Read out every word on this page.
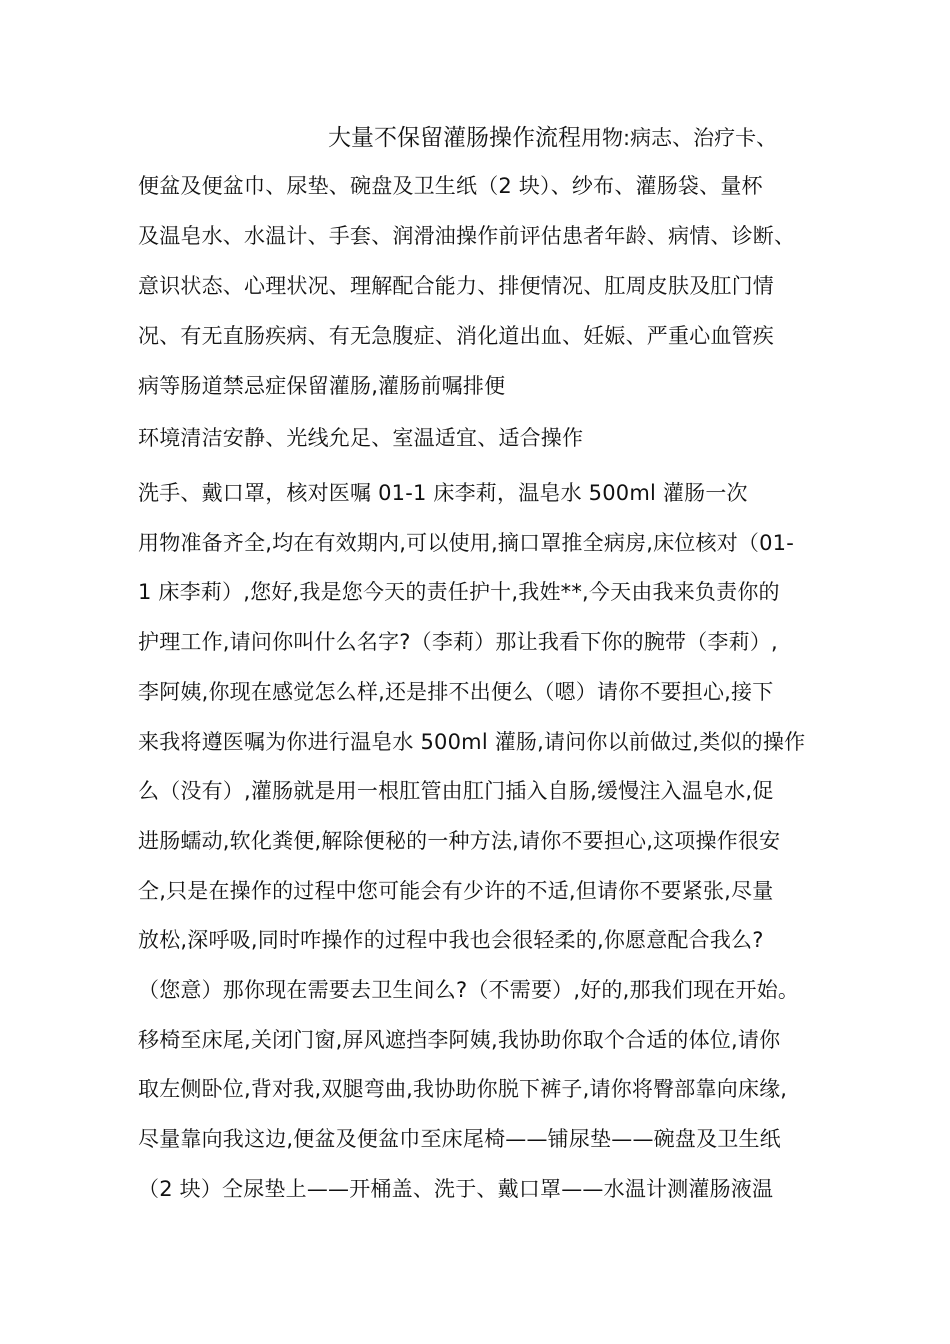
大量不保留灌肠操作流程用物:病志、治疗卡、
便盆及便盆巾、尿垫、碗盘及卫生纸（2 块）、纱布、灌肠袋、量杯
及温皂水、水温计、手套、润滑油操作前评估患者年龄、病情、诊断、
意识状态、心理状况、理解配合能力、排便情况、肛周皮肤及肛门情
况、有无直肠疾病、有无急腹症、消化道出血、妊娠、严重心血管疾
病等肠道禁忌症保留灌肠,灌肠前嘱排便
环境清洁安静、光线允足、室温适宜、适合操作
洗手、戴口罩，核对医嘱 01-1 床李莉，温皂水 500ml 灌肠一次
用物准备齐全,均在有效期内,可以使用,摘口罩推全病房,床位核对（01-
1 床李莉）,您好,我是您今天的责任护十,我姓**,今天由我来负责你的
护理工作,请问你叫什么名字?（李莉）那让我看下你的腕带（李莉）,
李阿姨,你现在感觉怎么样,还是排不出便么（嗯）请你不要担心,接下
来我将遵医嘱为你进行温皂水 500ml 灌肠,请问你以前做过,类似的操作
么（没有）,灌肠就是用一根肛管由肛门插入自肠,缓慢注入温皂水,促
进肠蠕动,软化粪便,解除便秘的一种方法,请你不要担心,这项操作很安
仝,只是在操作的过程中您可能会有少许的不适,但请你不要紧张,尽量
放松,深呼吸,同时咋操作的过程中我也会很轻柔的,你愿意配合我么?
（您意）那你现在需要去卫生间么?（不需要）,好的,那我们现在开始。
移椅至床尾,关闭门窗,屏风遮挡李阿姨,我协助你取个合适的体位,请你
取左侧卧位,背对我,双腿弯曲,我协助你脱下裤子,请你将臀部靠向床缘,
尽量靠向我这边,便盆及便盆巾至床尾椅——铺尿垫——碗盘及卫生纸
（2 块）仝尿垫上——开桶盖、洗于、戴口罩——水温计测灌肠液温
